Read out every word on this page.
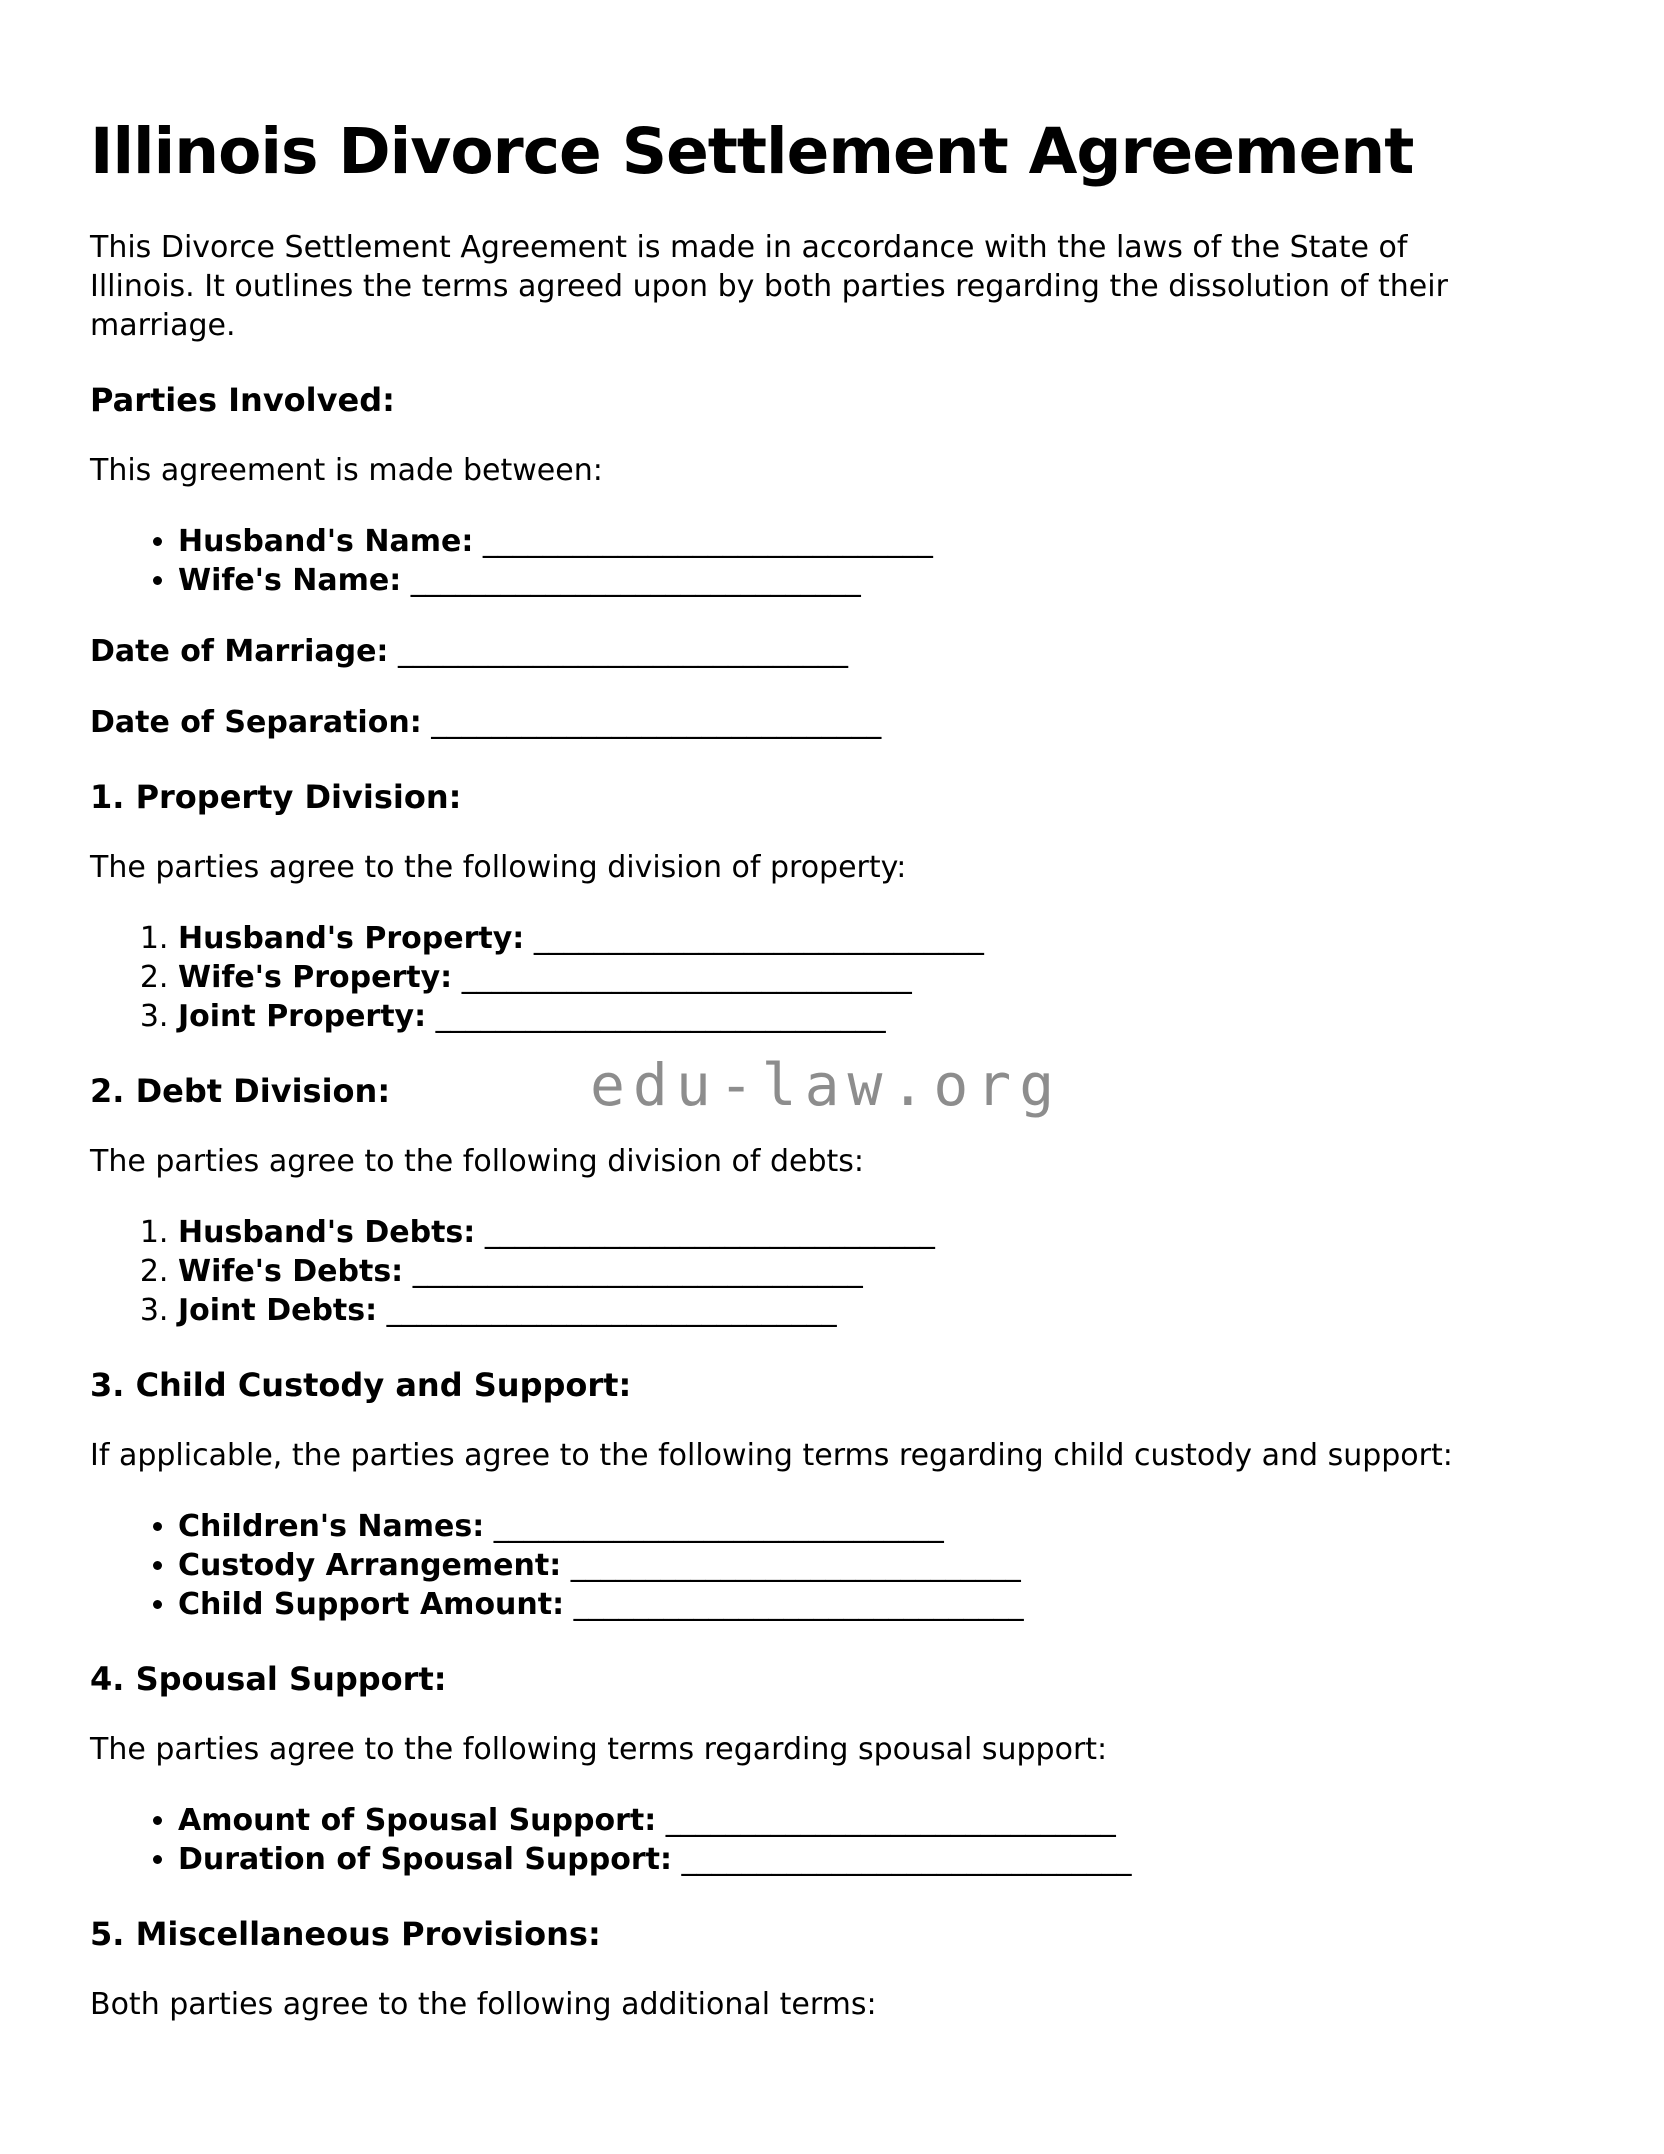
edu-law.org
Illinois Divorce Settlement Agreement

This Divorce Settlement Agreement is made in accordance with the laws of the State of Illinois. It outlines the terms agreed upon by both parties regarding the dissolution of their marriage.

Parties Involved:

This agreement is made between:

• Husband's Name: ______________________________
• Wife's Name: ______________________________

Date of Marriage: ______________________________

Date of Separation: ______________________________

1. Property Division:

The parties agree to the following division of property:

1. Husband's Property: ______________________________
2. Wife's Property: ______________________________
3. Joint Property: ______________________________
2. Debt Division:

The parties agree to the following division of debts:

1. Husband's Debts: ______________________________
2. Wife's Debts: ______________________________
3. Joint Debts: ______________________________
3. Child Custody and Support:

If applicable, the parties agree to the following terms regarding child custody and support:

• Children's Names: ______________________________
• Custody Arrangement: ______________________________
• Child Support Amount: ______________________________
4. Spousal Support:

The parties agree to the following terms regarding spousal support:

• Amount of Spousal Support: ______________________________
• Duration of Spousal Support: ______________________________
5. Miscellaneous Provisions:

Both parties agree to the following additional terms:
